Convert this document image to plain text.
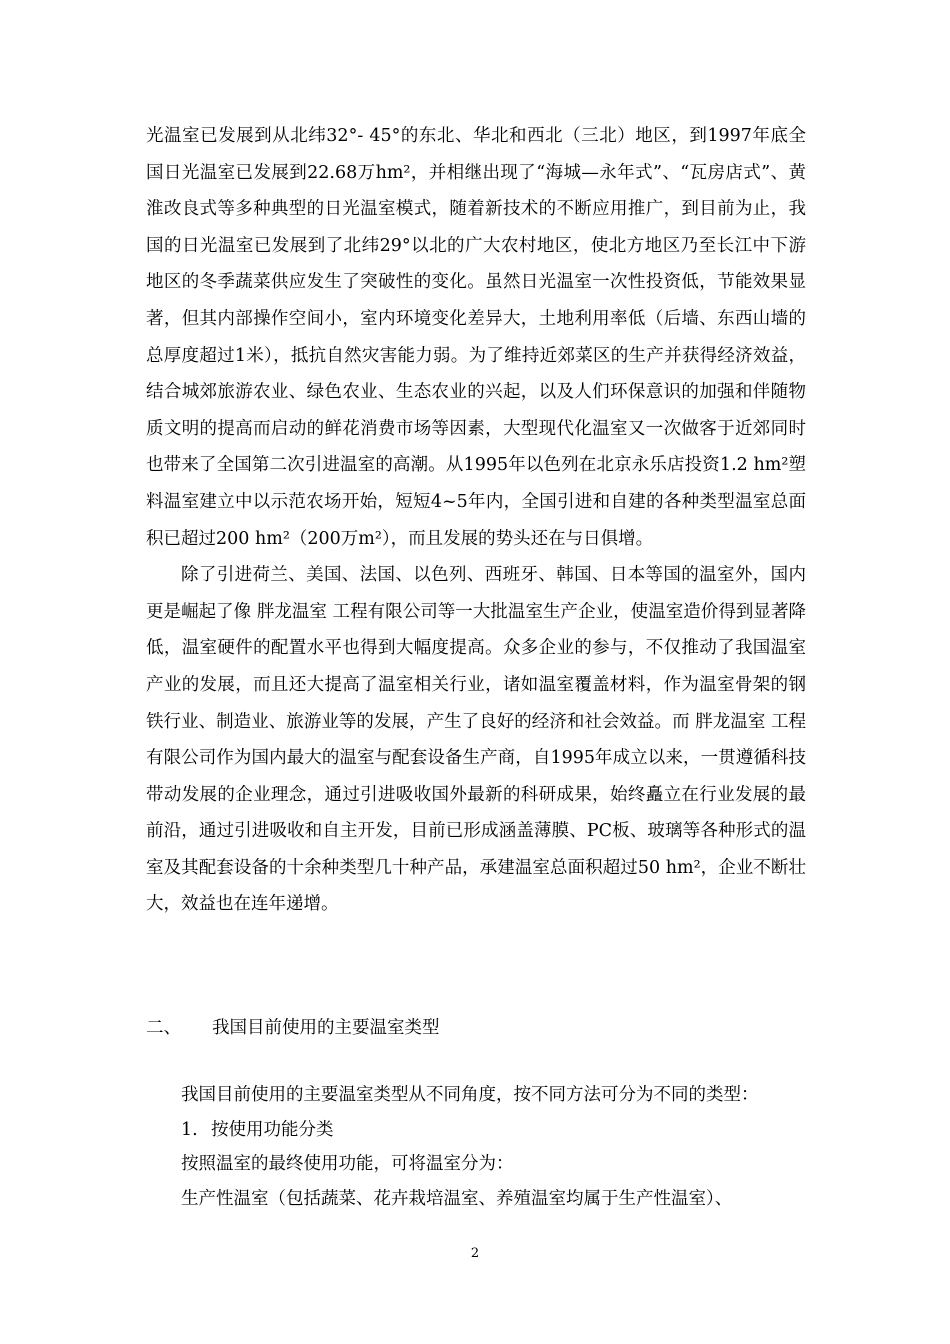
光温室已发展到从北纬32°- 45°的东北、华北和西北（三北）地区，到1997年底全国日光温室已发展到22.68万hm²，并相继出现了“海城—永年式”、“瓦房店式”、黄淮改良式等多种典型的日光温室模式，随着新技术的不断应用推广，到目前为止，我国的日光温室已发展到了北纬29°以北的广大农村地区，使北方地区乃至长江中下游地区的冬季蔬菜供应发生了突破性的变化。虽然日光温室一次性投资低，节能效果显著，但其内部操作空间小，室内环境变化差异大，土地利用率低（后墙、东西山墙的总厚度超过1米），抵抗自然灾害能力弱。为了维持近郊菜区的生产并获得经济效益，结合城郊旅游农业、绿色农业、生态农业的兴起，以及人们环保意识的加强和伴随物质文明的提高而启动的鲜花消费市场等因素，大型现代化温室又一次做客于近郊同时也带来了全国第二次引进温室的高潮。从1995年以色列在北京永乐店投资1.2 hm²塑料温室建立中以示范农场开始，短短4~5年内，全国引进和自建的各种类型温室总面积已超过200 hm²（200万m²），而且发展的势头还在与日俱增。

除了引进荷兰、美国、法国、以色列、西班牙、韩国、日本等国的温室外，国内更是崛起了像 胖龙温室 工程有限公司等一大批温室生产企业，使温室造价得到显著降低，温室硬件的配置水平也得到大幅度提高。众多企业的参与，不仅推动了我国温室产业的发展，而且还大提高了温室相关行业，诸如温室覆盖材料，作为温室骨架的钢铁行业、制造业、旅游业等的发展，产生了良好的经济和社会效益。而 胖龙温室 工程有限公司作为国内最大的温室与配套设备生产商，自1995年成立以来，一贯遵循科技带动发展的企业理念，通过引进吸收国外最新的科研成果，始终矗立在行业发展的最前沿，通过引进吸收和自主开发，目前已形成涵盖薄膜、PC板、玻璃等各种形式的温室及其配套设备的十余种类型几十种产品，承建温室总面积超过50 hm²，企业不断壮大，效益也在连年递增。

二、 我国目前使用的主要温室类型

我国目前使用的主要温室类型从不同角度，按不同方法可分为不同的类型：

1. 按使用功能分类

按照温室的最终使用功能，可将温室分为：

生产性温室（包括蔬菜、花卉栽培温室、养殖温室均属于生产性温室）、

2
